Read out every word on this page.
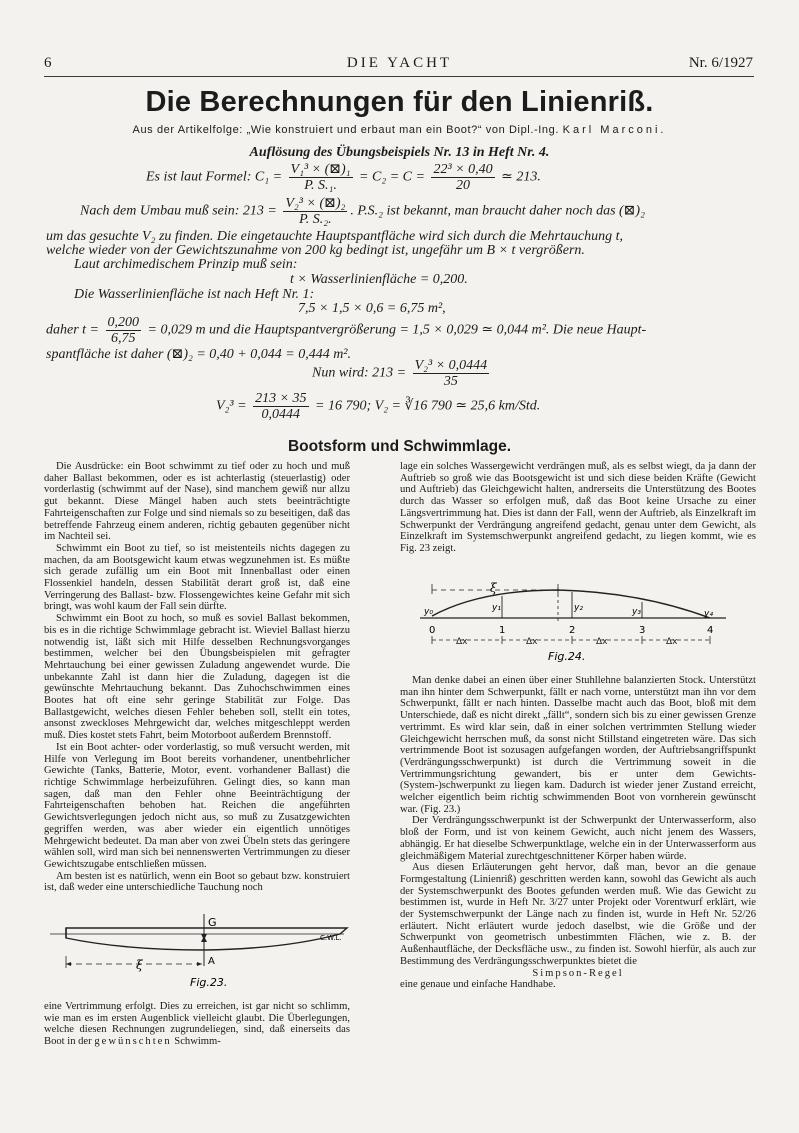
6	DIE YACHT	Nr. 6/1927
Die Berechnungen für den Linienriß.
Aus der Artikelfolge: „Wie konstruiert und erbaut man ein Boot?“ von Dipl.-Ing. Karl Marconi.
Auflösung des Übungsbeispiels Nr. 13 in Heft Nr. 4.
Es ist laut Formel: $C_1 = \frac{\text{V₁³ × (⊠)₁}}{\text{P. S.₁.}} = C_2 = C = \frac{\text{22³ × 0,40}}{20}$ ≃ 213.
Nach dem Umbau muß sein: $213 = \frac{\text{V₂³ × (⊠)₂}}{\text{P. S.₂.}}$ . P.S.₂ ist bekannt, man braucht daher noch das (⊠)₂
um das gesuchte V₂ zu finden. Die eingetauchte Hauptspantfläche wird sich durch die Mehrtauchung t,
welche wieder von der Gewichtszunahme von 200 kg bedingt ist, ungefähr um B × t vergrößern.
Laut archimedischem Prinzip muß sein:
t × Wasserlinienfläche = 0,200.
Die Wasserlinienfläche ist nach Heft Nr. 1:
7,5 × 1,5 × 0,6 = 6,75 m²,
daher $t = \frac{0,200}{6,75} = 0,029$ m und die Hauptspantvergrößerung = 1,5 × 0,029 ≃ 0,044 m². Die neue Haupt-
spantfläche ist daher (⊠)₂ = 0,40 + 0,044 = 0,444 m².
Nun wird: $213 = \frac{\text{V₂³ × 0,0444}}{35}$
$V_2^3 = \frac{213 \times 35}{0,0444} = 16$ 790; V₂ = ∛16 790 ≃ 25,6 km/Std.
Bootsform und Schwimmlage.

Die Ausdrücke: ein Boot schwimmt zu tief oder zu hoch und muß daher Ballast bekommen, oder es ist achterlastig (steuerlastig) oder vorderlastig (schwimmt auf der Nase), sind manchem gewiß nur allzu gut bekannt. Diese Mängel haben auch stets beeinträchtigte Fahrteigenschaften zur Folge und sind niemals so zu beseitigen, daß das betreffende Fahrzeug einem anderen, richtig gebauten gegenüber nicht im Nachteil sei.

Schwimmt ein Boot zu tief, so ist meistenteils nichts dagegen zu machen, da am Bootsgewicht kaum etwas wegzunehmen ist. Es müßte sich gerade zufällig um ein Boot mit Innenballast oder einen Flossenkiel handeln, dessen Stabilität derart groß ist, daß eine Verringerung des Ballast- bzw. Flossengewichtes keine Gefahr mit sich bringt, was wohl kaum der Fall sein dürfte.

Schwimmt ein Boot zu hoch, so muß es soviel Ballast bekommen, bis es in die richtige Schwimmlage gebracht ist. Wieviel Ballast hierzu notwendig ist, läßt sich mit Hilfe desselben Rechnungsvorganges bestimmen, welcher bei den Übungsbeispielen mit gefragter Mehrtauchung bei einer gewissen Zuladung angewendet wurde. Die unbekannte Zahl ist dann hier die Zuladung, dagegen ist die gewünschte Mehrtauchung bekannt. Das Zuhochschwimmen eines Bootes hat oft eine sehr geringe Stabilität zur Folge. Das Ballastgewicht, welches diesen Fehler beheben soll, stellt ein totes, ansonst zweckloses Mehrgewicht dar, welches mitgeschleppt werden muß. Dies kostet stets Fahrt, beim Motorboot außerdem Brennstoff.

Ist ein Boot achter- oder vorderlastig, so muß versucht werden, mit Hilfe von Verlegung im Boot bereits vorhandener, unentbehrlicher Gewichte (Tanks, Batterie, Motor, event. vorhandener Ballast) die richtige Schwimmlage herbeizuführen. Gelingt dies, so kann man sagen, daß man den Fehler ohne Beeinträchtigung der Fahrteigenschaften behoben hat. Reichen die angeführten Gewichtsverlegungen jedoch nicht aus, so muß zu Zusatzgewichten gegriffen werden, was aber wieder ein eigentlich unnötiges Mehrgewicht bedeutet. Da man aber von zwei Übeln stets das geringere wählen soll, wird man sich bei nennenswerten Vertrimmungen zu dieser Gewichtszugabe entschließen müssen.

Am besten ist es natürlich, wenn ein Boot so gebaut bzw. konstruiert ist, daß weder eine unterschiedliche Tauchung noch

G
A
C.W.L.
ξ
Fig.23.

eine Vertrimmung erfolgt. Dies zu erreichen, ist gar nicht so schlimm, wie man es im ersten Augenblick vielleicht glaubt. Die Überlegungen, welche diesen Rechnungen zugrundeliegen, sind, daß einerseits das Boot in der gewünschten Schwimm-

lage ein solches Wassergewicht verdrängen muß, als es selbst wiegt, da ja dann der Auftrieb so groß wie das Bootsgewicht ist und sich diese beiden Kräfte (Gewicht und Auftrieb) das Gleichgewicht halten, andrerseits die Unterstützung des Bootes durch das Wasser so erfolgen muß, daß das Boot keine Ursache zu einer Längsvertrimmung hat. Dies ist dann der Fall, wenn der Auftrieb, als Einzelkraft im Schwerpunkt der Verdrängung angreifend gedacht, genau unter dem Gewicht, als Einzelkraft im Systemschwerpunkt angreifend gedacht, zu liegen kommt, wie es Fig. 23 zeigt.

ξ
y₀	y₁	y₂	y₃	y₄
0	1	2	3	4
Δx	Δx	Δx	Δx
Fig.24.

Man denke dabei an einen über einer Stuhllehne balanzierten Stock. Unterstützt man ihn hinter dem Schwerpunkt, fällt er nach vorne, unterstützt man ihn vor dem Schwerpunkt, fällt er nach hinten. Dasselbe macht auch das Boot, bloß mit dem Unterschiede, daß es nicht direkt „fällt“, sondern sich bis zu einer gewissen Grenze vertrimmt. Es wird klar sein, daß in einer solchen vertrimmten Stellung wieder Gleichgewicht herrschen muß, da sonst nicht Stillstand eingetreten wäre. Das sich vertrimmende Boot ist sozusagen aufgefangen worden, der Auftriebsangriffspunkt (Verdrängungsschwerpunkt) ist durch die Vertrimmung soweit in die Vertrimmungsrichtung gewandert, bis er unter dem Gewichts-(System-)schwerpunkt zu liegen kam. Dadurch ist wieder jener Zustand erreicht, welcher eigentlich beim richtig schwimmenden Boot von vornherein gewünscht war. (Fig. 23.)

Der Verdrängungsschwerpunkt ist der Schwerpunkt der Unterwasserform, also bloß der Form, und ist von keinem Gewicht, auch nicht jenem des Wassers, abhängig. Er hat dieselbe Schwerpunktlage, welche ein in der Unterwasserform aus gleichmäßigem Material zurechtgeschnittener Körper haben würde.

Aus diesen Erläuterungen geht hervor, daß man, bevor an die genaue Formgestaltung (Linienriß) geschritten werden kann, sowohl das Gewicht als auch der Systemschwerpunkt des Bootes gefunden werden muß. Wie das Gewicht zu bestimmen ist, wurde in Heft Nr. 3/27 unter Projekt oder Vorentwurf erklärt, wie der Systemschwerpunkt der Länge nach zu finden ist, wurde in Heft Nr. 52/26 erläutert. Nicht erläutert wurde jedoch daselbst, wie die Größe und der Schwerpunkt von geometrisch unbestimmten Flächen, wie z. B. der Außenhautfläche, der Decksfläche usw., zu finden ist. Sowohl hierfür, als auch zur Bestimmung des Verdrängungsschwerpunktes bietet die

Simpson-Regel

eine genaue und einfache Handhabe.
